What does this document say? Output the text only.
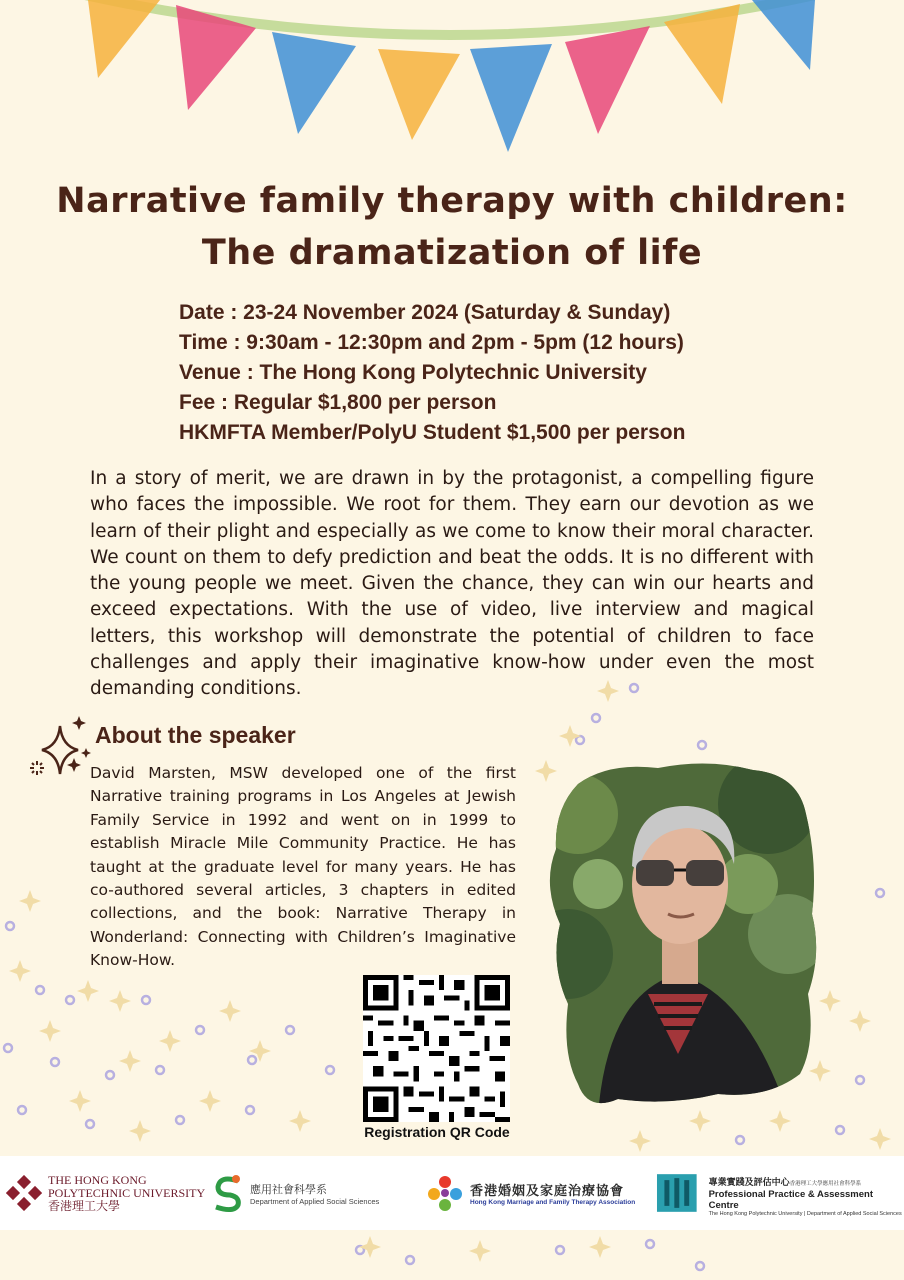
Narrative family therapy with children:
The dramatization of life
Date : 23-24 November 2024 (Saturday & Sunday)
Time : 9:30am - 12:30pm and 2pm - 5pm (12 hours)
Venue : The Hong Kong Polytechnic University
Fee : Regular $1,800 per person
HKMFTA Member/PolyU Student $1,500 per person
In a story of merit, we are drawn in by the protagonist, a compelling figure who faces the impossible. We root for them. They earn our devotion as we learn of their plight and especially as we come to know their moral character. We count on them to defy prediction and beat the odds. It is no different with the young people we meet. Given the chance, they can win our hearts and exceed expectations. With the use of video, live interview and magical letters, this workshop will demonstrate the potential of children to face challenges and apply their imaginative know-how under even the most demanding conditions.
About the speaker
David Marsten, MSW developed one of the first Narrative training programs in Los Angeles at Jewish Family Service in 1992 and went on in 1999 to establish Miracle Mile Community Practice. He has taught at the graduate level for many years. He has co-authored several articles, 3 chapters in edited collections, and the book: Narrative Therapy in Wonderland: Connecting with Children’s Imaginative Know-How.
Registration QR Code
THE HONG KONG
POLYTECHNIC UNIVERSITY
香港理工大學
應用社會科學系
Department of Applied Social Sciences
香港婚姻及家庭治療協會
Hong Kong Marriage and Family Therapy Association
專業實踐及評估中心香港理工大學應用社會科學系
Professional Practice & Assessment Centre
The Hong Kong Polytechnic University | Department of Applied Social Sciences
